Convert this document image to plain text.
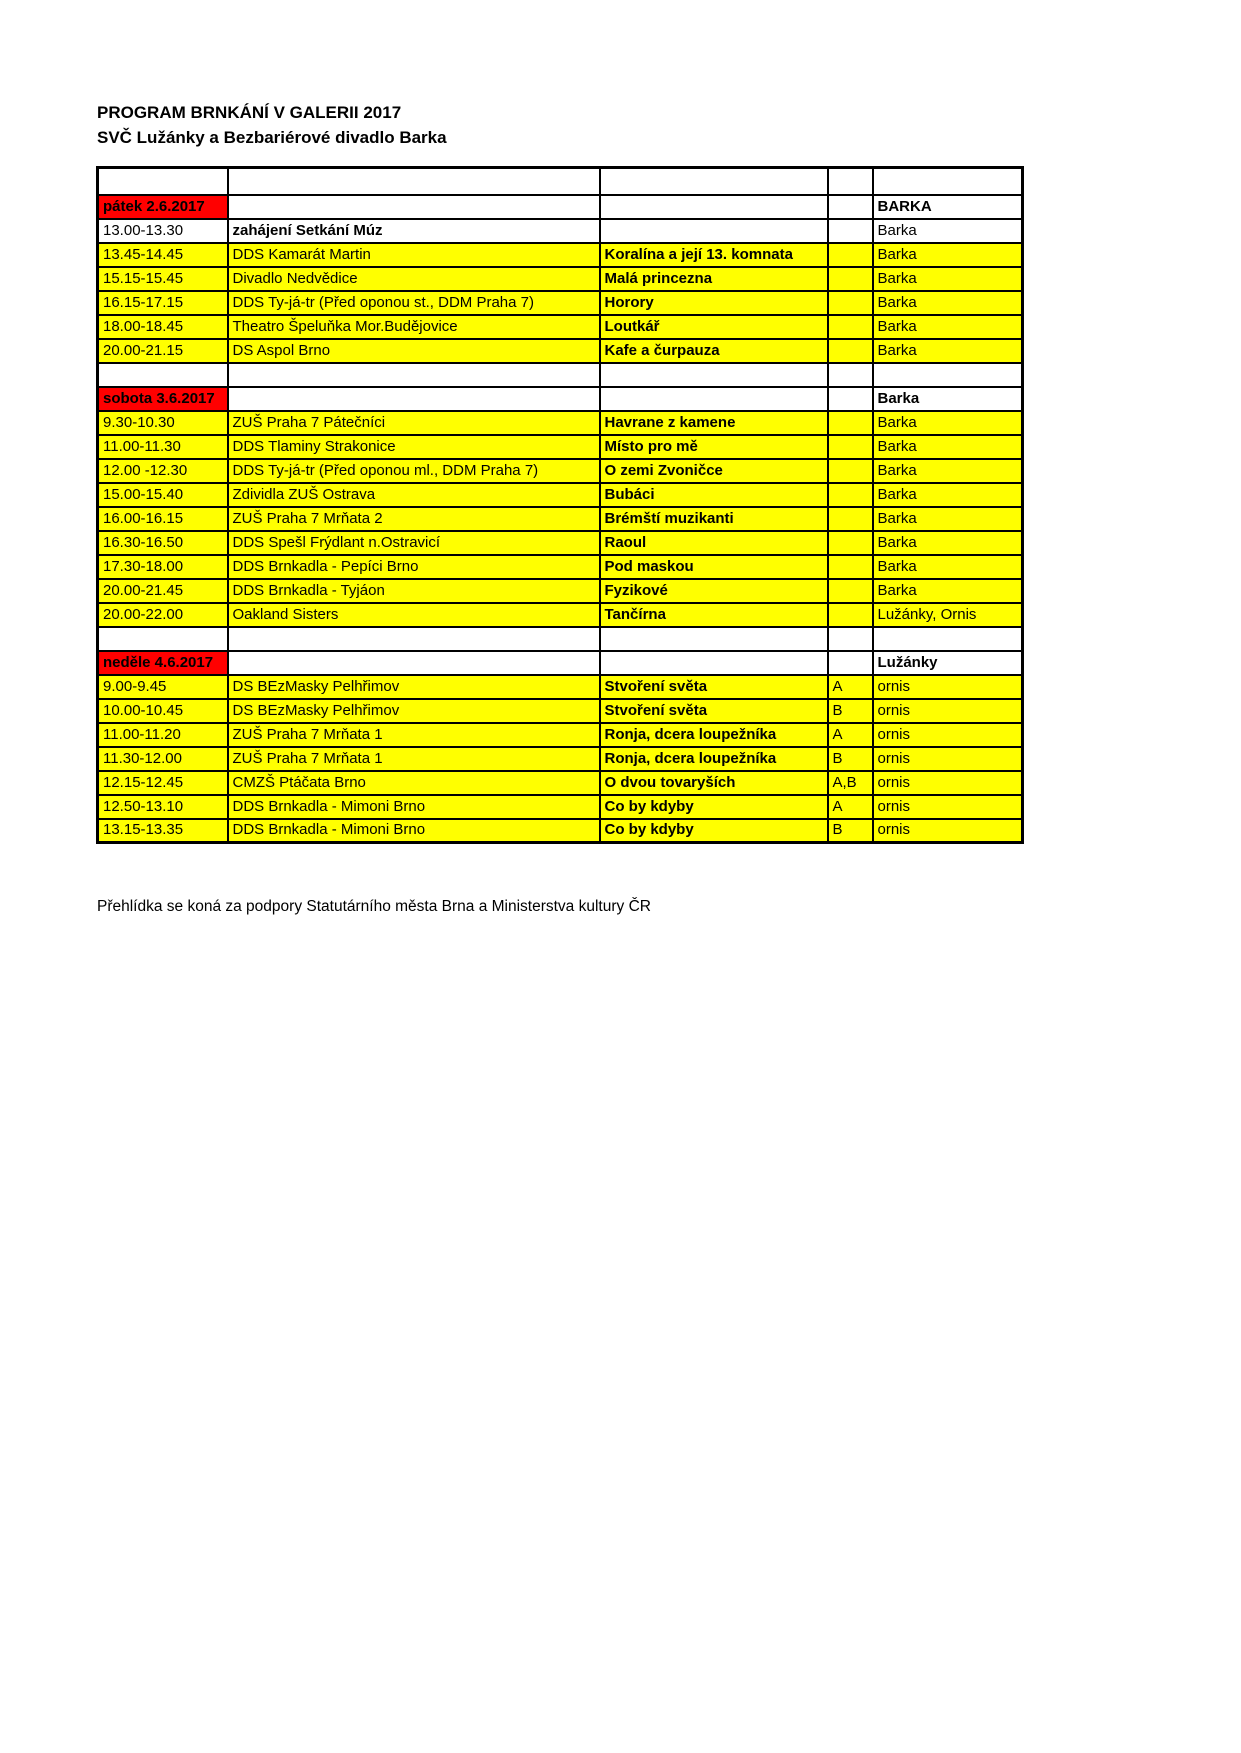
PROGRAM BRNKÁNÍ V GALERII 2017
SVČ Lužánky a Bezbariérové divadlo Barka

pátek 2.6.2017				BARKA
13.00-13.30	zahájení Setkání Múz			Barka
13.45-14.45	DDS Kamarát Martin	Koralína a její 13. komnata		Barka
15.15-15.45	Divadlo Nedvědice	Malá princezna		Barka
16.15-17.15	DDS Ty-já-tr (Před oponou st., DDM Praha 7)	Horory		Barka
18.00-18.45	Theatro Špeluňka Mor.Budějovice	Loutkář		Barka
20.00-21.15	DS Aspol Brno	Kafe a čurpauza		Barka

sobota 3.6.2017				Barka
9.30-10.30	ZUŠ Praha 7 Pátečníci	Havrane z kamene		Barka
11.00-11.30	DDS Tlaminy Strakonice	Místo pro mě		Barka
12.00 -12.30	DDS Ty-já-tr (Před oponou ml., DDM Praha 7)	O zemi Zvoničce		Barka
15.00-15.40	Zdividla ZUŠ Ostrava	Bubáci		Barka
16.00-16.15	ZUŠ Praha 7 Mrňata 2	Brémští muzikanti		Barka
16.30-16.50	DDS Spešl Frýdlant n.Ostravicí	Raoul		Barka
17.30-18.00	DDS Brnkadla - Pepíci Brno	Pod maskou		Barka
20.00-21.45	DDS Brnkadla - Tyjáon	Fyzikové		Barka
20.00-22.00	Oakland Sisters	Tančírna		Lužánky, Ornis

neděle 4.6.2017				Lužánky
9.00-9.45	DS BEzMasky Pelhřimov	Stvoření světa	A	ornis
10.00-10.45	DS BEzMasky Pelhřimov	Stvoření světa	B	ornis
11.00-11.20	ZUŠ Praha 7 Mrňata 1	Ronja, dcera loupežníka	A	ornis
11.30-12.00	ZUŠ Praha 7 Mrňata 1	Ronja, dcera loupežníka	B	ornis
12.15-12.45	CMZŠ Ptáčata Brno	O dvou tovaryších	A,B	ornis
12.50-13.10	DDS Brnkadla - Mimoni Brno	Co by kdyby	A	ornis
13.15-13.35	DDS Brnkadla - Mimoni Brno	Co by kdyby	B	ornis
Přehlídka se koná za podpory Statutárního města Brna a Ministerstva kultury ČR
